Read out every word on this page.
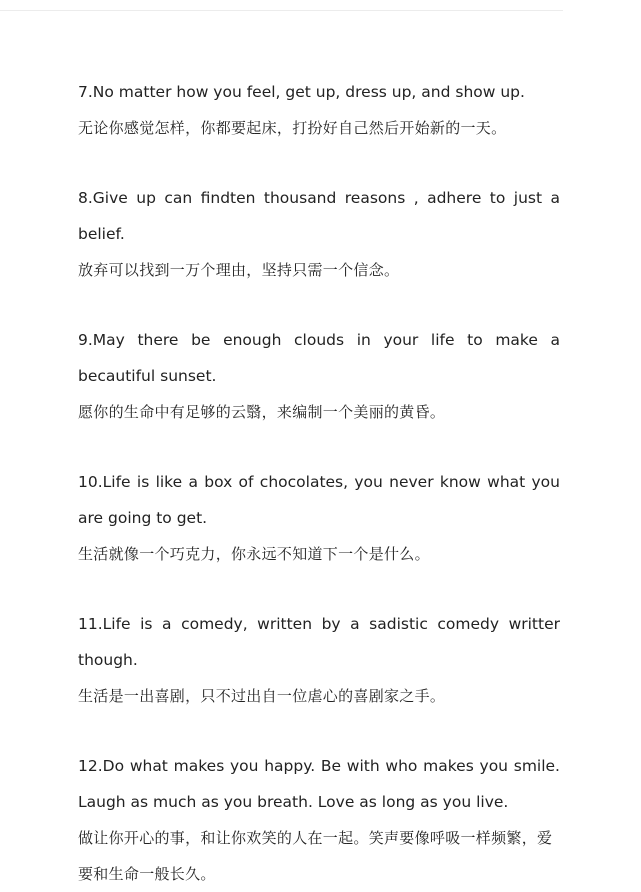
7.No matter how you feel, get up, dress up, and show up.

无论你感觉怎样，你都要起床，打扮好自己然后开始新的一天。

8.Give up can findten thousand reasons , adhere to just a belief.

放弃可以找到一万个理由，坚持只需一个信念。

9.May there be enough clouds in your life to make a becautiful sunset.

愿你的生命中有足够的云翳，来编制一个美丽的黄昏。

10.Life is like a box of chocolates, you never know what you are going to get.

生活就像一个巧克力，你永远不知道下一个是什么。

11.Life is a comedy, written by a sadistic comedy writter though.

生活是一出喜剧，只不过出自一位虐心的喜剧家之手。

12.Do what makes you happy. Be with who makes you smile. Laugh as much as you breath. Love as long as you live.

做让你开心的事，和让你欢笑的人在一起。笑声要像呼吸一样频繁，爱要和生命一般长久。
